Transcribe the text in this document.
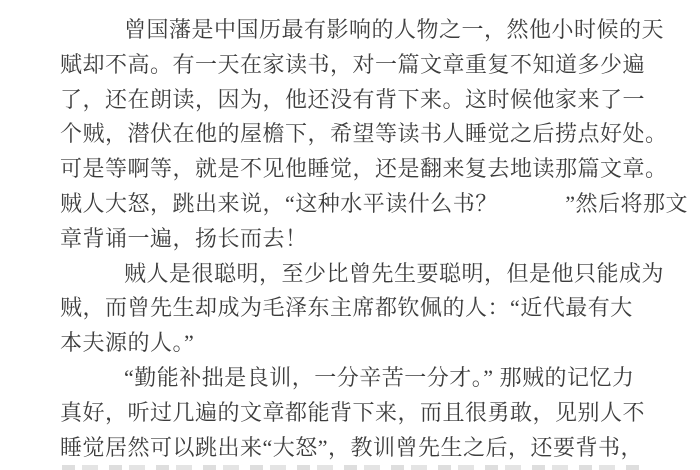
曾国藩是中国历最有影响的人物之一，然他小时候的天
赋却不高。有一天在家读书，对一篇文章重复不知道多少遍
了，还在朗读，因为，他还没有背下来。这时候他家来了一
个贼，潜伏在他的屋檐下，希望等读书人睡觉之后捞点好处。
可是等啊等，就是不见他睡觉，还是翻来复去地读那篇文章。
贼人大怒，跳出来说，“这种水平读什么书？　　　”然后将那文
章背诵一遍，扬长而去！
贼人是很聪明，至少比曾先生要聪明，但是他只能成为
贼，而曾先生却成为毛泽东主席都钦佩的人：“近代最有大
本夫源的人。”
“勤能补拙是良训，一分辛苦一分才。” 那贼的记忆力
真好，听过几遍的文章都能背下来，而且很勇敢，见别人不
睡觉居然可以跳出来“大怒”，教训曾先生之后，还要背书，
